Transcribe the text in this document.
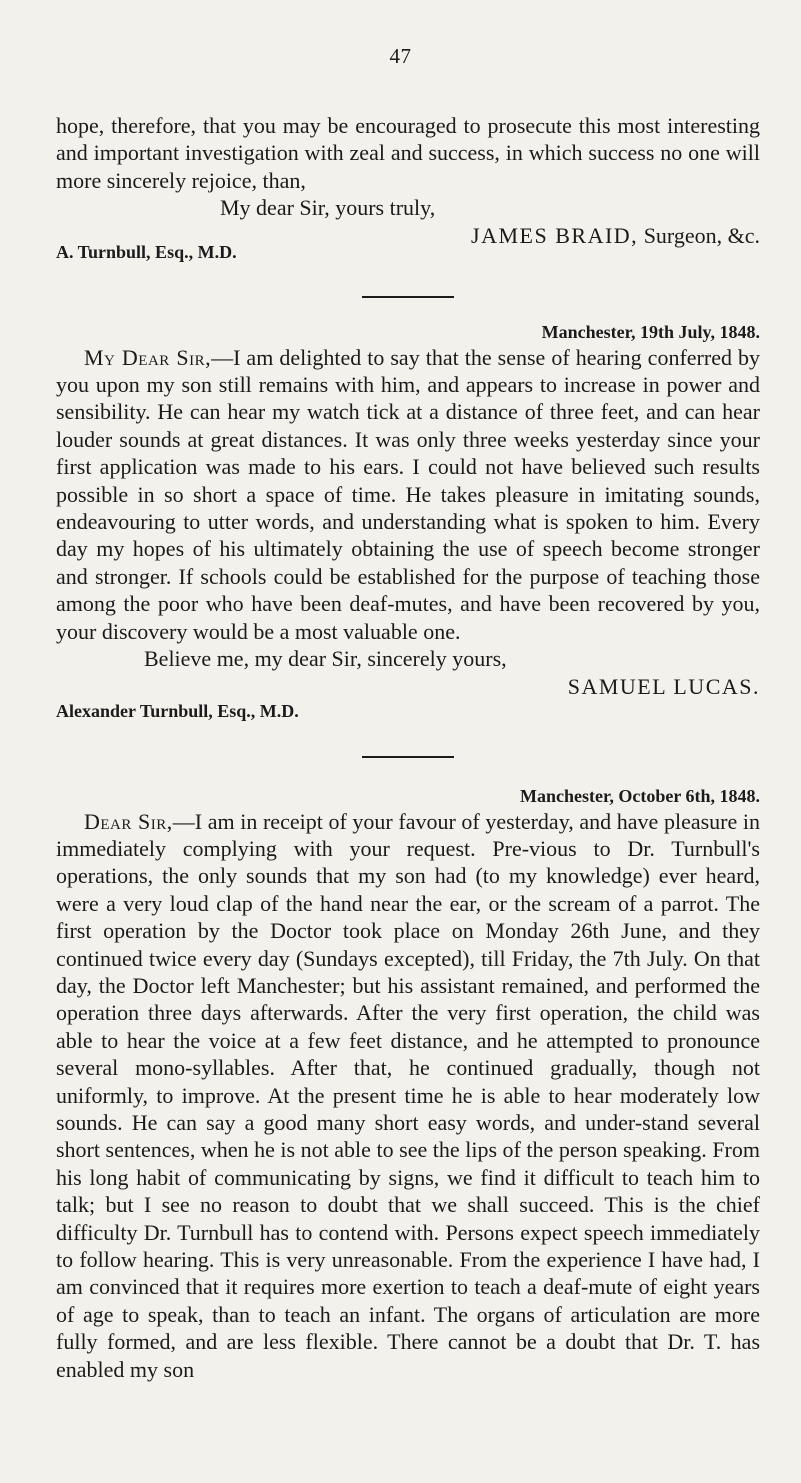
47

hope, therefore, that you may be encouraged to prosecute this most interesting and important investigation with zeal and success, in which success no one will more sincerely rejoice, than,

My dear Sir, yours truly,

JAMES BRAID, Surgeon, &c.

A. Turnbull, Esq., M.D.

Manchester, 19th July, 1848.

My Dear Sir,—I am delighted to say that the sense of hearing conferred by you upon my son still remains with him, and appears to increase in power and sensibility. He can hear my watch tick at a distance of three feet, and can hear louder sounds at great distances. It was only three weeks yesterday since your first application was made to his ears. I could not have believed such results possible in so short a space of time. He takes pleasure in imitating sounds, endeavouring to utter words, and understanding what is spoken to him. Every day my hopes of his ultimately obtaining the use of speech become stronger and stronger. If schools could be established for the purpose of teaching those among the poor who have been deaf-mutes, and have been recovered by you, your discovery would be a most valuable one.

Believe me, my dear Sir, sincerely yours,

SAMUEL LUCAS.

Alexander Turnbull, Esq., M.D.

Manchester, October 6th, 1848.

Dear Sir,—I am in receipt of your favour of yesterday, and have pleasure in immediately complying with your request. Pre-vious to Dr. Turnbull's operations, the only sounds that my son had (to my knowledge) ever heard, were a very loud clap of the hand near the ear, or the scream of a parrot. The first operation by the Doctor took place on Monday 26th June, and they continued twice every day (Sundays excepted), till Friday, the 7th July. On that day, the Doctor left Manchester; but his assistant remained, and performed the operation three days afterwards. After the very first operation, the child was able to hear the voice at a few feet distance, and he attempted to pronounce several mono-syllables. After that, he continued gradually, though not uniformly, to improve. At the present time he is able to hear moderately low sounds. He can say a good many short easy words, and under-stand several short sentences, when he is not able to see the lips of the person speaking. From his long habit of communicating by signs, we find it difficult to teach him to talk; but I see no reason to doubt that we shall succeed. This is the chief difficulty Dr. Turnbull has to contend with. Persons expect speech immediately to follow hearing. This is very unreasonable. From the experience I have had, I am convinced that it requires more exertion to teach a deaf-mute of eight years of age to speak, than to teach an infant. The organs of articulation are more fully formed, and are less flexible. There cannot be a doubt that Dr. T. has enabled my son
